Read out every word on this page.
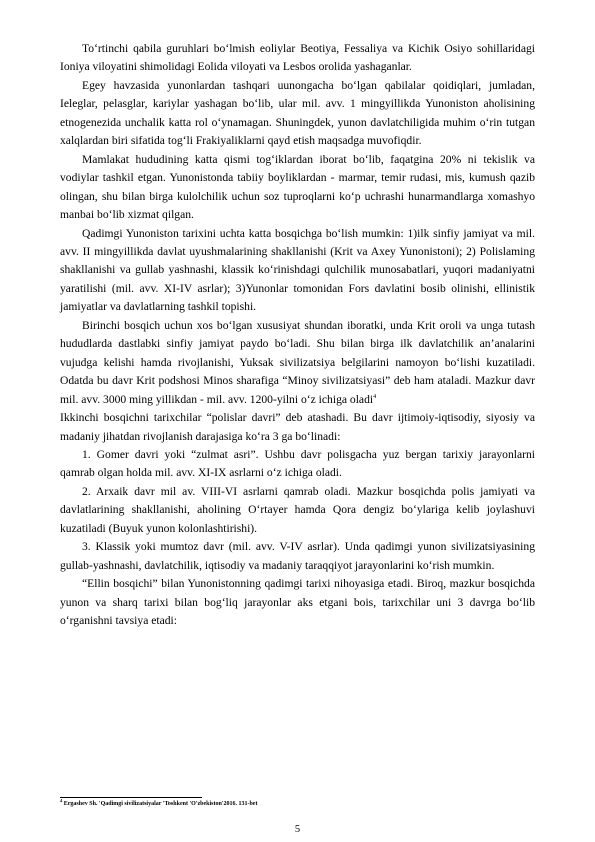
To‘rtinchi qabila guruhlari bo‘lmish eoliylar Beotiya, Fessaliya va Kichik Osiyo sohillaridagi Ioniya viloyatini shimolidagi Eolida viloyati va Lesbos orolida yashaganlar.

Egey havzasida yunonlardan tashqari uunongacha bo‘lgan qabilalar qoidiqlari, jumladan, Ieleglar, pelasglar, kariylar yashagan bo‘lib, ular mil. avv. 1 mingyillikda Yunoniston aholisining etnogenezida unchalik katta rol o‘ynamagan. Shuningdek, yunon davlatchiligida muhim o‘rin tutgan xalqlardan biri sifatida tog‘li Frakiyaliklarni qayd etish maqsadga muvofiqdir.

Mamlakat hududining katta qismi tog‘iklardan iborat bo‘lib, faqatgina 20% ni tekislik va vodiylar tashkil etgan. Yunonistonda tabiiy boyliklardan - marmar, temir rudasi, mis, kumush qazib olingan, shu bilan birga kulolchilik uchun soz tuproqlarni ko‘p uchrashi hunarmandlarga xomashyo manbai bo‘lib xizmat qilgan.

Qadimgi Yunoniston tarixini uchta katta bosqichga bo‘lish mumkin: 1)ilk sinfiy jamiyat va mil. avv. II mingyillikda davlat uyushmalarining shakllanishi (Krit va Axey Yunonistoni); 2) Polislaming shakllanishi va gullab yashnashi, klassik ko‘rinishdagi qulchilik munosabatlari, yuqori madaniyatni yaratilishi (mil. avv. XI-IV asrlar); 3)Yunonlar tomonidan Fors davlatini bosib olinishi, ellinistik jamiyatlar va davlatlarning tashkil topishi.

Birinchi bosqich uchun xos bo‘lgan xususiyat shundan iboratki, unda Krit oroli va unga tutash hududlarda dastlabki sinfiy jamiyat paydo bo‘ladi. Shu bilan birga ilk davlatchilik an’analarini vujudga kelishi hamda rivojlanishi, Yuksak sivilizatsiya belgilarini namoyon bo‘lishi kuzatiladi. Odatda bu davr Krit podshosi Minos sharafiga “Minoy sivilizatsiyasi” deb ham ataladi. Mazkur davr mil. avv. 3000 ming yillikdan - mil. avv. 1200-yilni o‘z ichiga oladi$^4$

Ikkinchi bosqichni tarixchilar “polislar davri” deb atashadi. Bu davr ijtimoiy-iqtisodiy, siyosiy va madaniy jihatdan rivojlanish darajasiga ko‘ra 3 ga bo‘linadi:

1. Gomer davri yoki “zulmat asri”. Ushbu davr polisgacha yuz bergan tarixiy jarayonlarni qamrab olgan holda mil. avv. XI-IX asrlarni o‘z ichiga oladi.

2. Arxaik davr mil av. VIII-VI asrlarni qamrab oladi. Mazkur bosqichda polis jamiyati va davlatlarining shakllanishi, aholining O‘rtayer hamda Qora dengiz bo‘ylariga kelib joylashuvi kuzatiladi (Buyuk yunon kolonlashtirishi).

3. Klassik yoki mumtoz davr (mil. avv. V-IV asrlar). Unda qadimgi yunon sivilizatsiyasining gullab-yashnashi, davlatchilik, iqtisodiy va madaniy taraqqiyot jarayonlarini ko‘rish mumkin.

“Ellin bosqichi” bilan Yunonistonning qadimgi tarixi nihoyasiga etadi. Biroq, mazkur bosqichda yunon va sharq tarixi bilan bog‘liq jarayonlar aks etgani bois, tarixchilar uni 3 davrga bo‘lib o‘rganishni tavsiya etadi:

$^4$ Ergashev Sh. 'Qadimgi sivilizatsiyalar 'Toshkent 'O'zbekiston'2016. 131-bet
5
